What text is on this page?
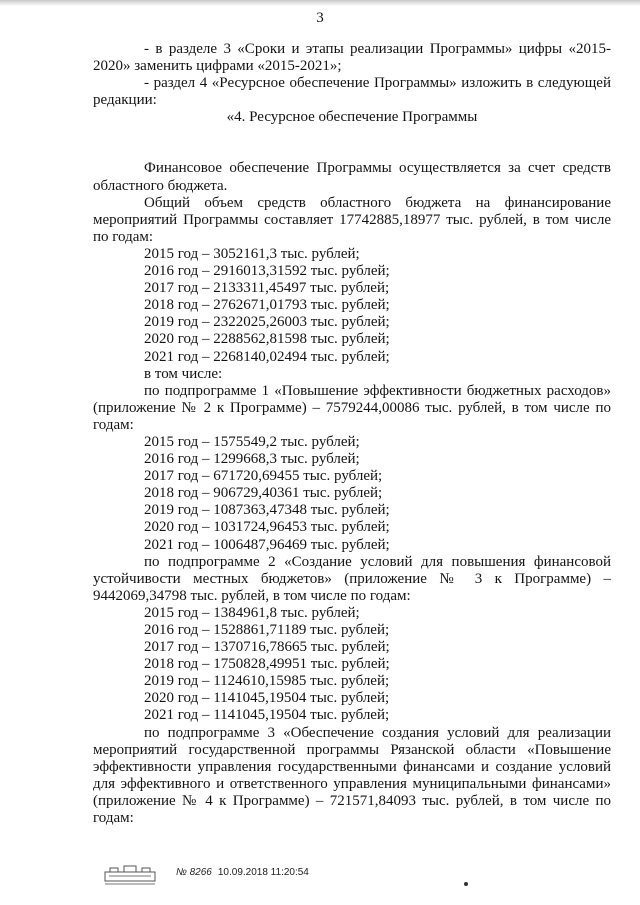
3

- в разделе 3 «Сроки и этапы реализации Программы» цифры «2015-2020» заменить цифрами «2015-2021»;

- раздел 4 «Ресурсное обеспечение Программы» изложить в следующей редакции:

«4. Ресурсное обеспечение Программы

Финансовое обеспечение Программы осуществляется за счет средств областного бюджета.

Общий объем средств областного бюджета на финансирование мероприятий Программы составляет 17742885,18977 тыс. рублей, в том числе по годам:

2015 год – 3052161,3 тыс. рублей;

2016 год – 2916013,31592 тыс. рублей;

2017 год – 2133311,45497 тыс. рублей;

2018 год – 2762671,01793 тыс. рублей;

2019 год – 2322025,26003 тыс. рублей;

2020 год – 2288562,81598 тыс. рублей;

2021 год – 2268140,02494 тыс. рублей;

в том числе:

по подпрограмме 1 «Повышение эффективности бюджетных расходов» (приложение № 2 к Программе) – 7579244,00086 тыс. рублей, в том числе по годам:

2015 год – 1575549,2 тыс. рублей;

2016 год – 1299668,3 тыс. рублей;

2017 год – 671720,69455 тыс. рублей;

2018 год – 906729,40361 тыс. рублей;

2019 год – 1087363,47348 тыс. рублей;

2020 год – 1031724,96453 тыс. рублей;

2021 год – 1006487,96469 тыс. рублей;

по подпрограмме 2 «Создание условий для повышения финансовой устойчивости местных бюджетов» (приложение № 3 к Программе) – 9442069,34798 тыс. рублей, в том числе по годам:

2015 год – 1384961,8 тыс. рублей;

2016 год – 1528861,71189 тыс. рублей;

2017 год – 1370716,78665 тыс. рублей;

2018 год – 1750828,49951 тыс. рублей;

2019 год – 1124610,15985 тыс. рублей;

2020 год – 1141045,19504 тыс. рублей;

2021 год – 1141045,19504 тыс. рублей;

по подпрограмме 3 «Обеспечение создания условий для реализации мероприятий государственной программы Рязанской области «Повышение эффективности управления государственными финансами и создание условий для эффективного и ответственного управления муниципальными финансами» (приложение № 4 к Программе) – 721571,84093 тыс. рублей, в том числе по годам:

№ 8266 10.09.2018 11:20:54
